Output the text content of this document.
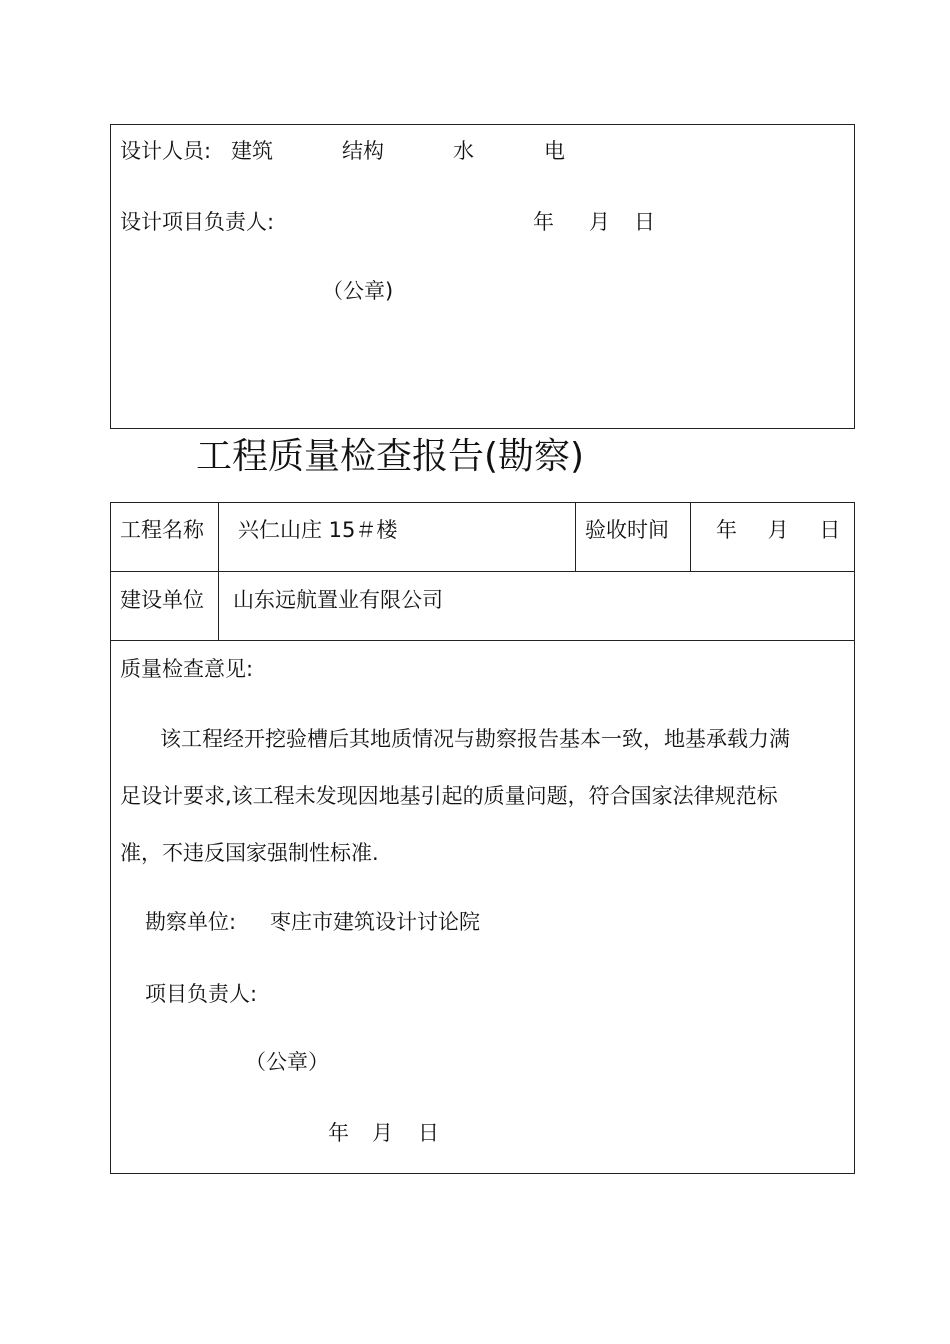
设计人员: 建筑	结构	水	电
设计项目负责人:	年 月 日
（公章)
工程质量检查报告(勘察)
工程名称 兴仁山庄 15＃楼	验收时间 年 月 日
建设单位 山东远航置业有限公司
质量检查意见:
该工程经开挖验槽后其地质情况与勘察报告基本一致，地基承载力满
足设计要求,该工程未发现因地基引起的质量问题，符合国家法律规范标
准，不违反国家强制性标准.
勘察单位: 枣庄市建筑设计讨论院
项目负责人:
（公章）
年 月 日
